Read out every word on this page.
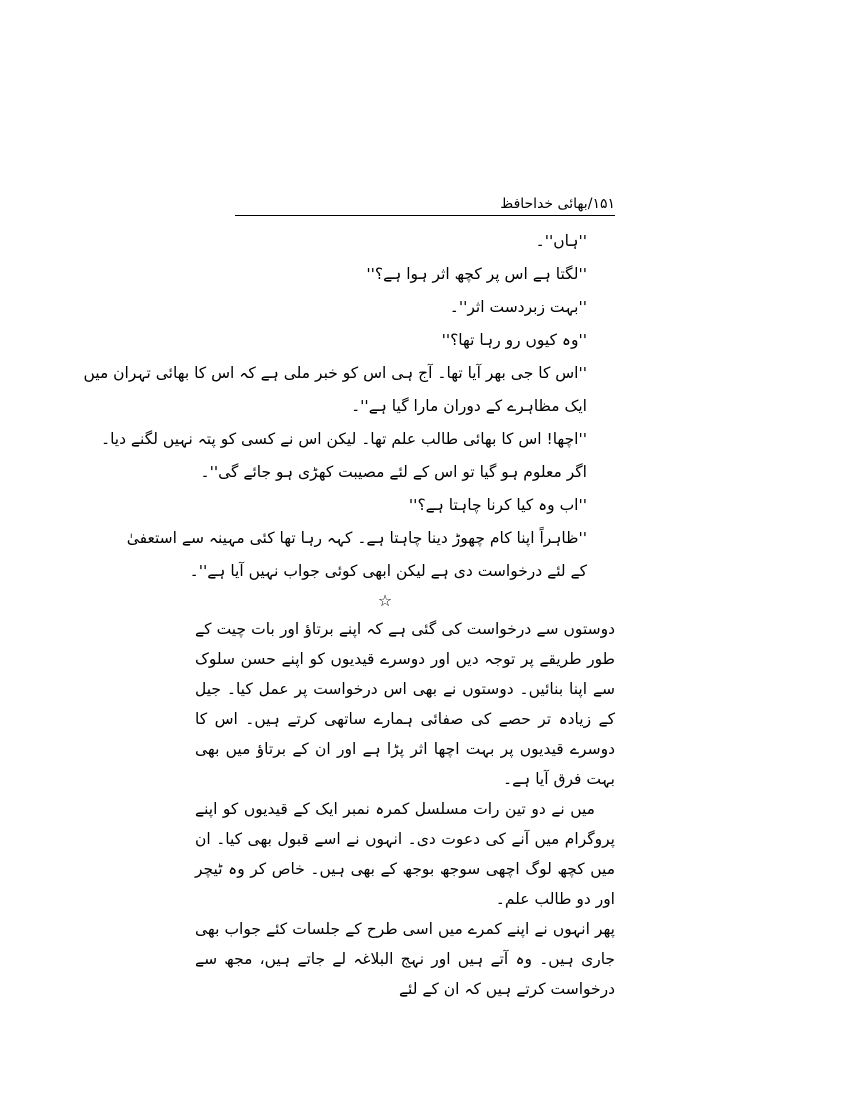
۱۵۱/بھائی خداحافظ
''ہاں''۔
''لگتا ہے اس پر کچھ اثر ہوا ہے؟''
''بہت زبردست اثر''۔
''وہ کیوں رو رہا تھا؟''
''اس کا جی بھر آیا تھا۔ آج ہی اس کو خبر ملی ہے کہ اس کا بھائی تہران میں
ایک مظاہرے کے دوران مارا گیا ہے''۔
''اچھا! اس کا بھائی طالب علم تھا۔ لیکن اس نے کسی کو پتہ نہیں لگنے دیا۔
اگر معلوم ہو گیا تو اس کے لئے مصیبت کھڑی ہو جائے گی''۔
''اب وہ کیا کرنا چاہتا ہے؟''
''ظاہراً اپنا کام چھوڑ دینا چاہتا ہے۔ کہہ رہا تھا کئی مہینہ سے استعفیٰ
کے لئے درخواست دی ہے لیکن ابھی کوئی جواب نہیں آیا ہے''۔
☆

دوستوں سے درخواست کی گئی ہے کہ اپنے برتاؤ اور بات چیت کے طور طریقے پر توجہ دیں اور دوسرے قیدیوں کو اپنے حسن سلوک سے اپنا بنائیں۔ دوستوں نے بھی اس درخواست پر عمل کیا۔ جیل کے زیادہ تر حصے کی صفائی ہمارے ساتھی کرتے ہیں۔ اس کا دوسرے قیدیوں پر بہت اچھا اثر پڑا ہے اور ان کے برتاؤ میں بھی بہت فرق آیا ہے۔

میں نے دو تین رات مسلسل کمرہ نمبر ایک کے قیدیوں کو اپنے پروگرام میں آنے کی دعوت دی۔ انہوں نے اسے قبول بھی کیا۔ ان میں کچھ لوگ اچھی سوجھ بوجھ کے بھی ہیں۔ خاص کر وہ ٹیچر اور دو طالب علم۔

پھر انہوں نے اپنے کمرے میں اسی طرح کے جلسات کئے جواب بھی جاری ہیں۔ وہ آتے ہیں اور نہج البلاغہ لے جاتے ہیں، مجھ سے درخواست کرتے ہیں کہ ان کے لئے
